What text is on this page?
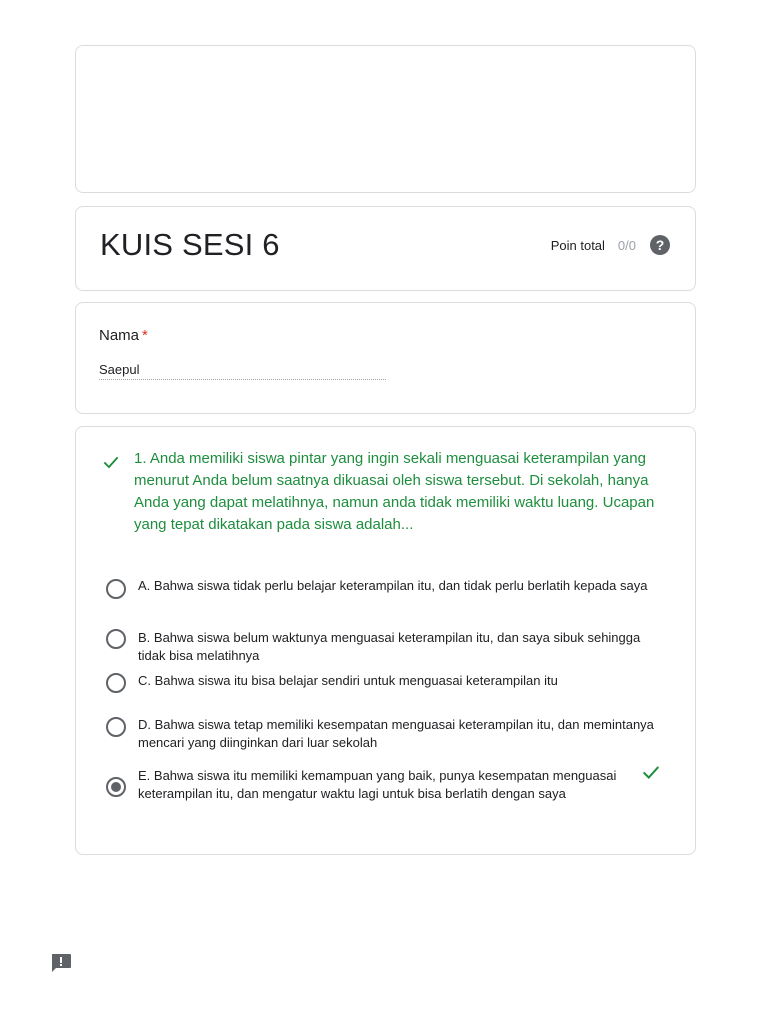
KUIS SESI 6	Poin total 0/0	?
Nama *
Saepul
1. Anda memiliki siswa pintar yang ingin sekali menguasai keterampilan yang menurut Anda belum saatnya dikuasai oleh siswa tersebut. Di sekolah, hanya Anda yang dapat melatihnya, namun anda tidak memiliki waktu luang. Ucapan yang tepat dikatakan pada siswa adalah...
A. Bahwa siswa tidak perlu belajar keterampilan itu, dan tidak perlu berlatih kepada saya
B. Bahwa siswa belum waktunya menguasai keterampilan itu, dan saya sibuk sehingga tidak bisa melatihnya
C. Bahwa siswa itu bisa belajar sendiri untuk menguasai keterampilan itu
D. Bahwa siswa tetap memiliki kesempatan menguasai keterampilan itu, dan memintanya mencari yang diinginkan dari luar sekolah
E. Bahwa siswa itu memiliki kemampuan yang baik, punya kesempatan menguasai keterampilan itu, dan mengatur waktu lagi untuk bisa berlatih dengan saya
